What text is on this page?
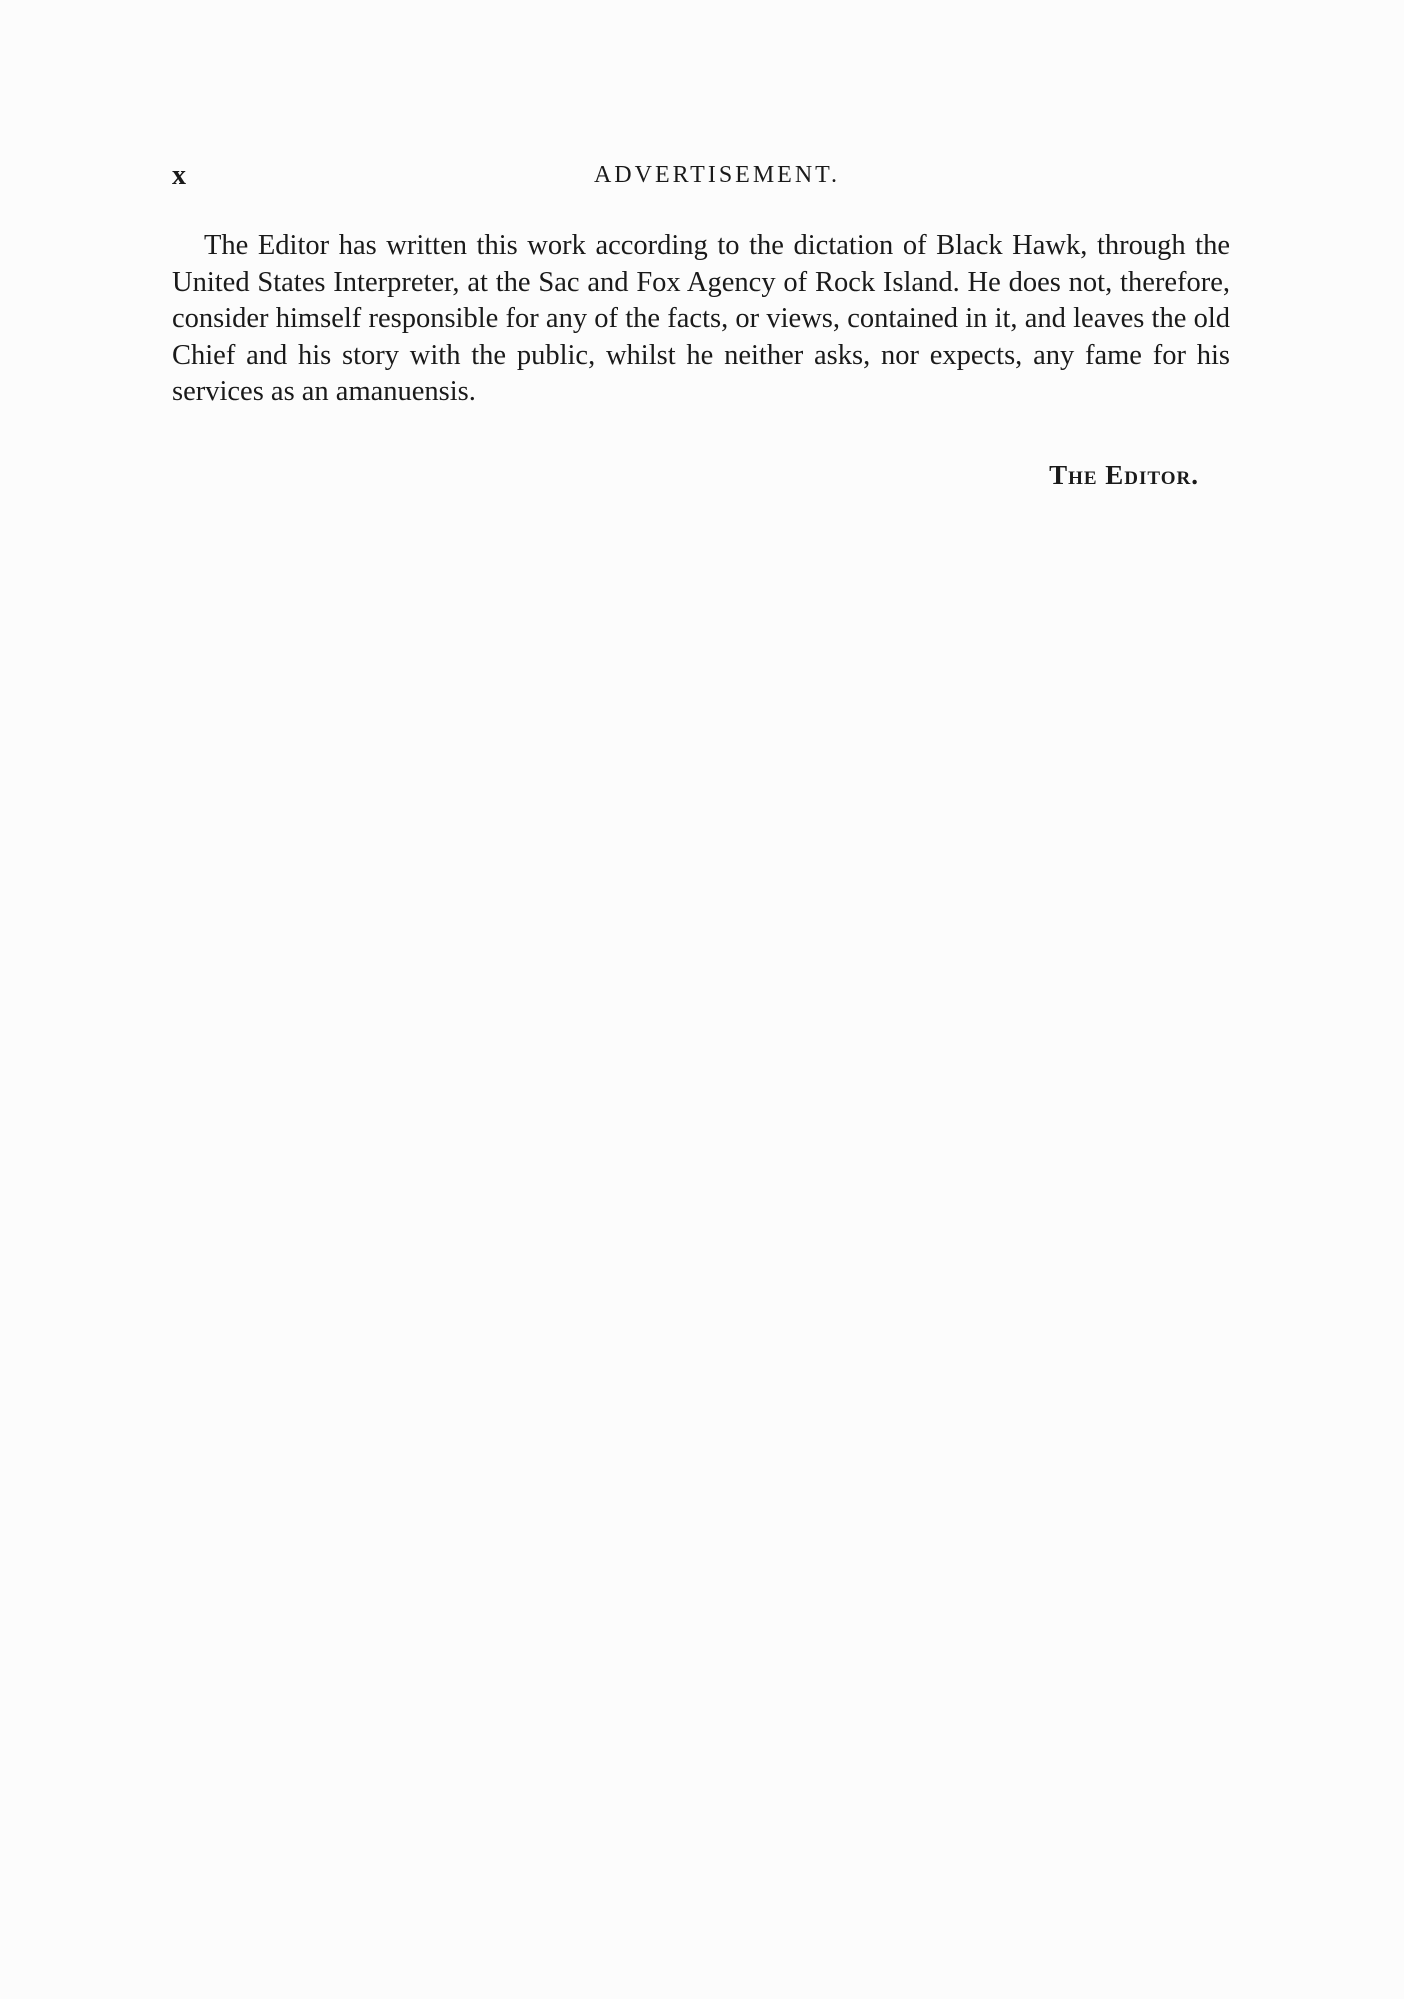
x	ADVERTISEMENT.

The Editor has written this work according to the dictation of Black Hawk, through the United States Interpreter, at the Sac and Fox Agency of Rock Island. He does not, therefore, consider himself responsible for any of the facts, or views, contained in it, and leaves the old Chief and his story with the public, whilst he neither asks, nor expects, any fame for his services as an amanuensis.

The Editor.
